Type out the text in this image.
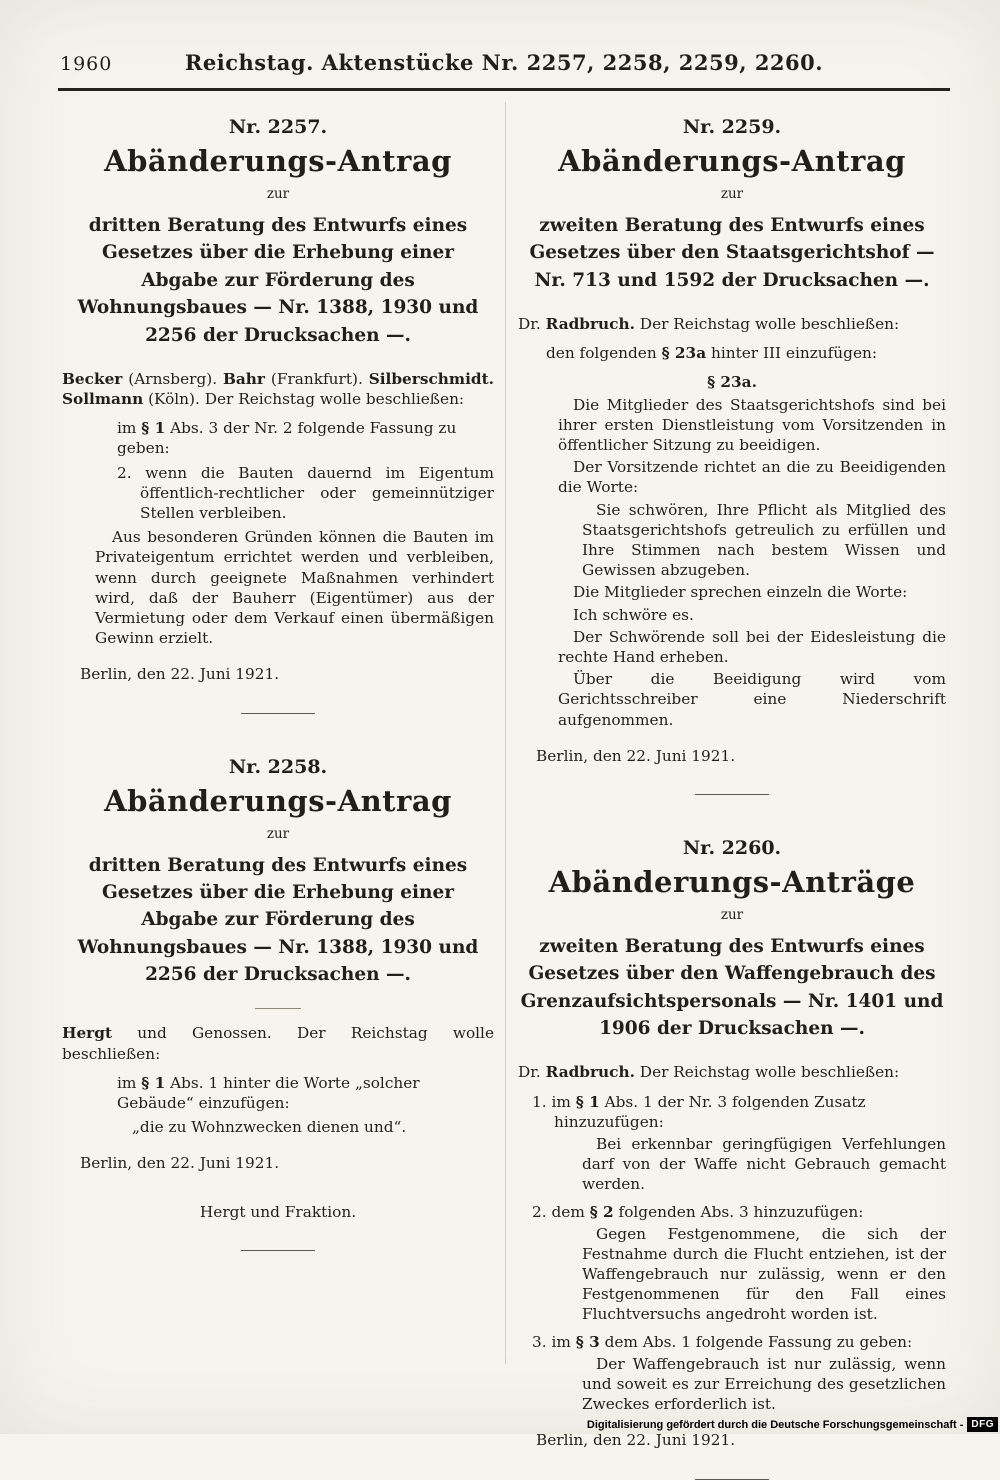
1960	Reichstag. Aktenstücke Nr. 2257, 2258, 2259, 2260.

Nr. 2257.

Abänderungs-Antrag

zur

dritten Beratung des Entwurfs eines Gesetzes über die Erhebung einer Abgabe zur Förderung des Wohnungsbaues — Nr. 1388, 1930 und 2256 der Drucksachen —.

Becker (Arnsberg). Bahr (Frankfurt). Silberschmidt. Sollmann (Köln). Der Reichstag wolle beschließen:

im § 1 Abs. 3 der Nr. 2 folgende Fassung zu geben:

2. wenn die Bauten dauernd im Eigentum öffentlich-rechtlicher oder gemeinnütziger Stellen verbleiben.

Aus besonderen Gründen können die Bauten im Privateigentum errichtet werden und verbleiben, wenn durch geeignete Maßnahmen verhindert wird, daß der Bauherr (Eigentümer) aus der Vermietung oder dem Verkauf einen übermäßigen Gewinn erzielt.

Berlin, den 22. Juni 1921.

Nr. 2258.

Abänderungs-Antrag

zur

dritten Beratung des Entwurfs eines Gesetzes über die Erhebung einer Abgabe zur Förderung des Wohnungsbaues — Nr. 1388, 1930 und 2256 der Drucksachen —.

Hergt und Genossen. Der Reichstag wolle beschließen:

im § 1 Abs. 1 hinter die Worte „solcher Gebäude“ einzufügen:

„die zu Wohnzwecken dienen und“.

Berlin, den 22. Juni 1921.

Hergt und Fraktion.

Nr. 2259.

Abänderungs-Antrag

zur

zweiten Beratung des Entwurfs eines Gesetzes über den Staatsgerichtshof — Nr. 713 und 1592 der Drucksachen —.

Dr. Radbruch. Der Reichstag wolle beschließen:

den folgenden § 23a hinter III einzufügen:

§ 23a.

Die Mitglieder des Staatsgerichtshofs sind bei ihrer ersten Dienstleistung vom Vorsitzenden in öffentlicher Sitzung zu beeidigen.

Der Vorsitzende richtet an die zu Beeidigenden die Worte:

Sie schwören, Ihre Pflicht als Mitglied des Staatsgerichtshofs getreulich zu erfüllen und Ihre Stimmen nach bestem Wissen und Gewissen abzugeben.

Die Mitglieder sprechen einzeln die Worte:

Ich schwöre es.

Der Schwörende soll bei der Eidesleistung die rechte Hand erheben.

Über die Beeidigung wird vom Gerichtsschreiber eine Niederschrift aufgenommen.

Berlin, den 22. Juni 1921.

Nr. 2260.

Abänderungs-Anträge

zur

zweiten Beratung des Entwurfs eines Gesetzes über den Waffengebrauch des Grenzaufsichtspersonals — Nr. 1401 und 1906 der Drucksachen —.

Dr. Radbruch. Der Reichstag wolle beschließen:

1. im § 1 Abs. 1 der Nr. 3 folgenden Zusatz hinzuzufügen:

Bei erkennbar geringfügigen Verfehlungen darf von der Waffe nicht Gebrauch gemacht werden.

2. dem § 2 folgenden Abs. 3 hinzuzufügen:

Gegen Festgenommene, die sich der Festnahme durch die Flucht entziehen, ist der Waffengebrauch nur zulässig, wenn er den Festgenommenen für den Fall eines Fluchtversuchs angedroht worden ist.

3. im § 3 dem Abs. 1 folgende Fassung zu geben:

Der Waffengebrauch ist nur zulässig, wenn und soweit es zur Erreichung des gesetzlichen Zweckes erforderlich ist.

Berlin, den 22. Juni 1921.

Digitalisierung gefördert durch die Deutsche Forschungsgemeinschaft - DFG
